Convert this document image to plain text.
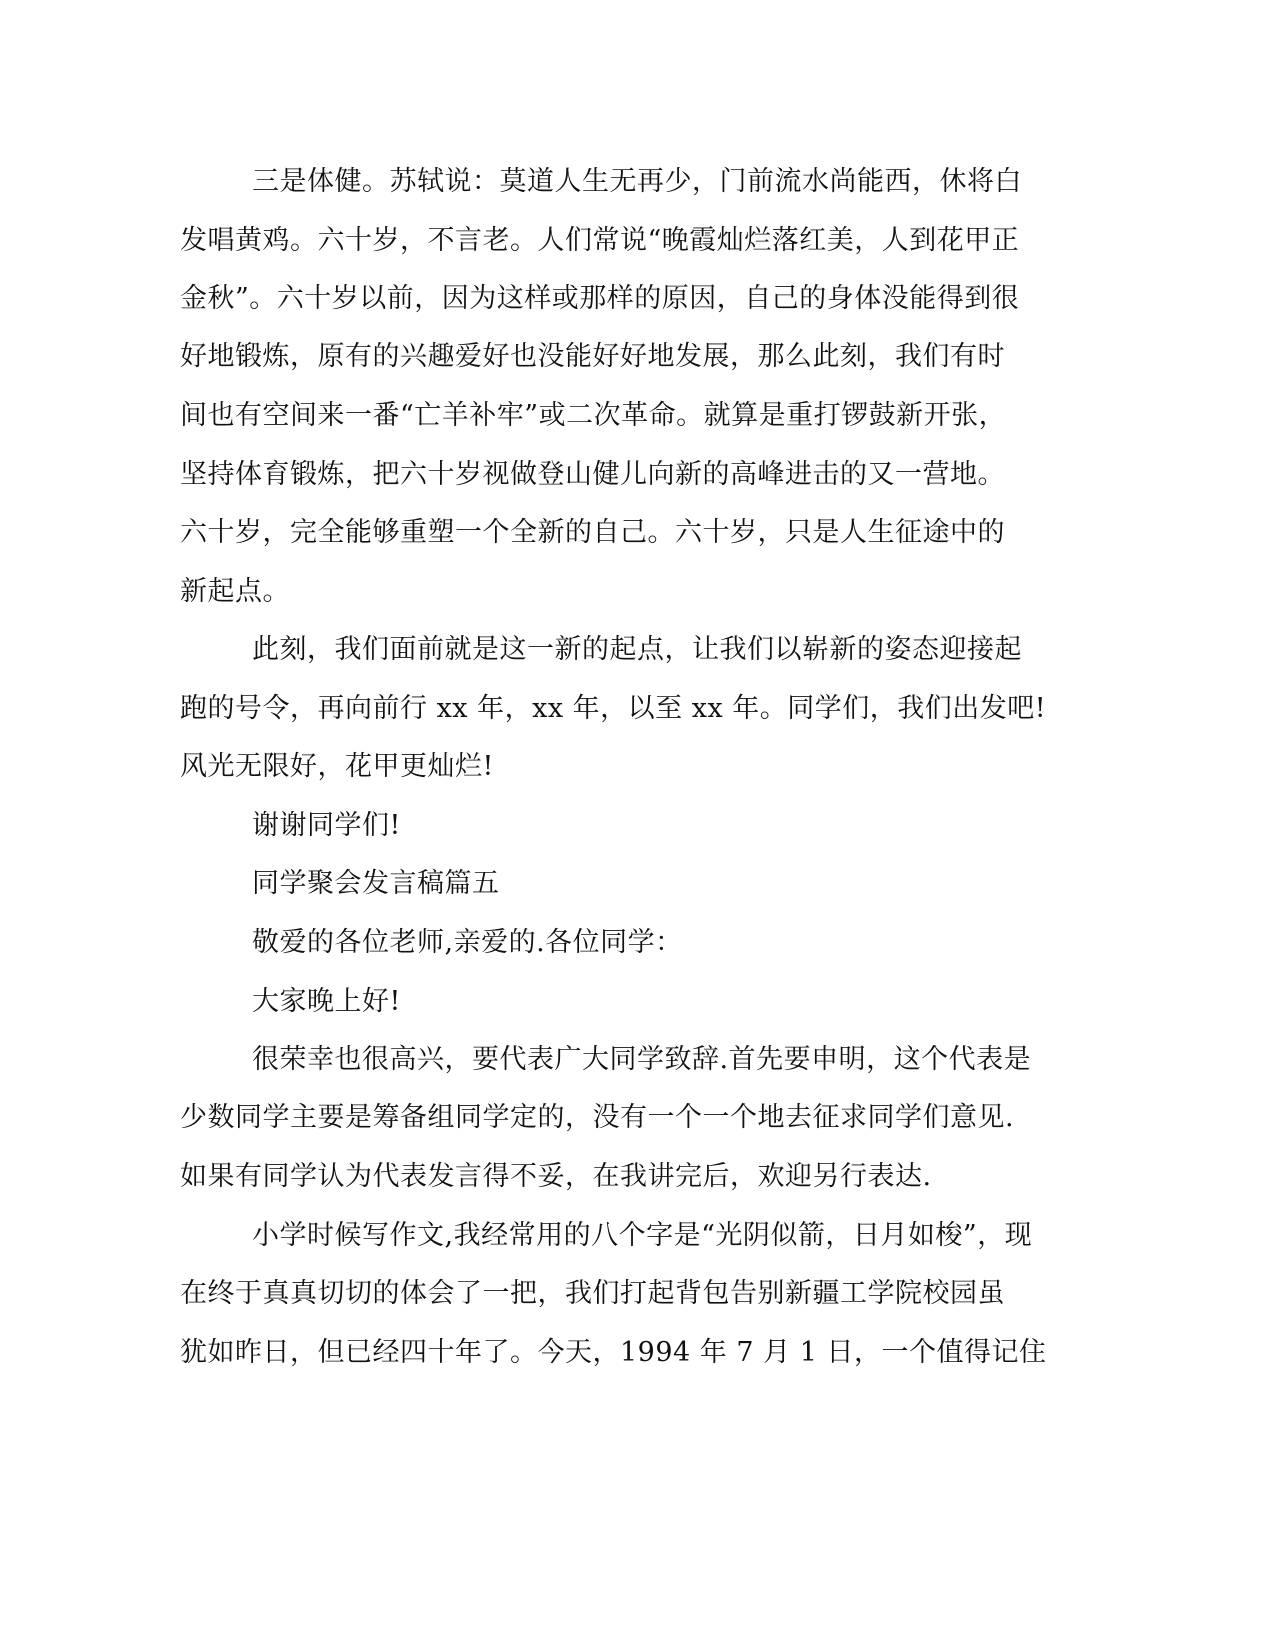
三是体健。苏轼说：莫道人生无再少，门前流水尚能西，休将白
发唱黄鸡。六十岁，不言老。人们常说“晚霞灿烂落红美，人到花甲正
金秋”。六十岁以前，因为这样或那样的原因，自己的身体没能得到很
好地锻炼，原有的兴趣爱好也没能好好地发展，那么此刻，我们有时
间也有空间来一番“亡羊补牢”或二次革命。就算是重打锣鼓新开张，
坚持体育锻炼，把六十岁视做登山健儿向新的高峰进击的又一营地。
六十岁，完全能够重塑一个全新的自己。六十岁，只是人生征途中的
新起点。
此刻，我们面前就是这一新的起点，让我们以崭新的姿态迎接起
跑的号令，再向前行 xx 年，xx 年，以至 xx 年。同学们，我们出发吧!
风光无限好，花甲更灿烂!
谢谢同学们!
同学聚会发言稿篇五
敬爱的各位老师,亲爱的.各位同学：
大家晚上好!
很荣幸也很高兴，要代表广大同学致辞.首先要申明，这个代表是
少数同学主要是筹备组同学定的，没有一个一个地去征求同学们意见.
如果有同学认为代表发言得不妥，在我讲完后，欢迎另行表达.
小学时候写作文,我经常用的八个字是“光阴似箭，日月如梭”，现
在终于真真切切的体会了一把，我们打起背包告别新疆工学院校园虽
犹如昨日，但已经四十年了。今天，1994 年 7 月 1 日，一个值得记住
